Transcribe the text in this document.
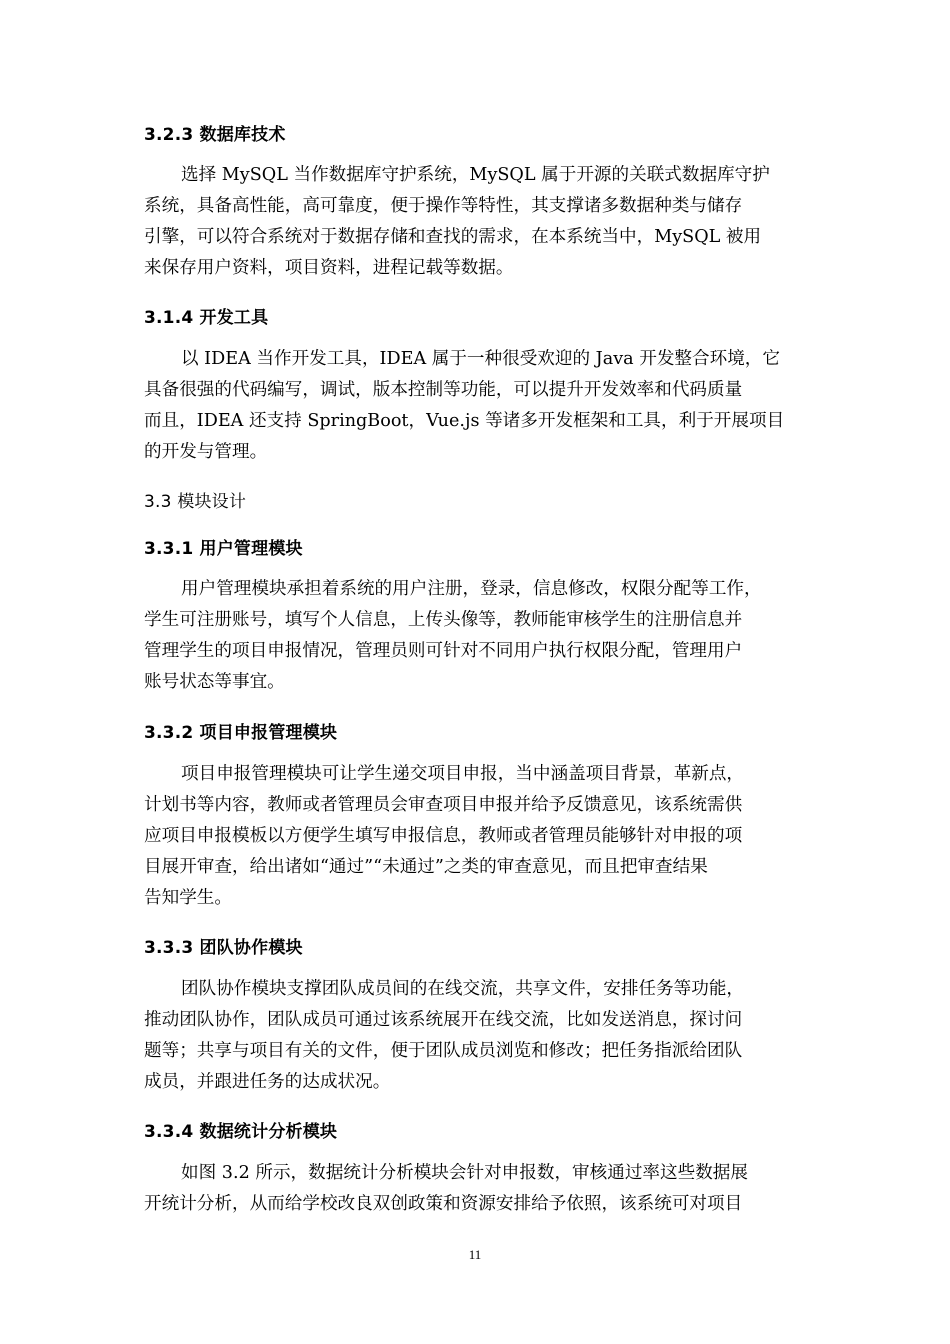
3.2.3 数据库技术
选择 MySQL 当作数据库守护系统，MySQL 属于开源的关联式数据库守护
系统，具备高性能，高可靠度，便于操作等特性，其支撑诸多数据种类与储存
引擎，可以符合系统对于数据存储和查找的需求，在本系统当中，MySQL 被用
来保存用户资料，项目资料，进程记载等数据。
3.1.4 开发工具
以 IDEA 当作开发工具，IDEA 属于一种很受欢迎的 Java 开发整合环境，它
具备很强的代码编写，调试，版本控制等功能，可以提升开发效率和代码质量
而且，IDEA 还支持 SpringBoot，Vue.js 等诸多开发框架和工具，利于开展项目
的开发与管理。
3.3 模块设计
3.3.1 用户管理模块
用户管理模块承担着系统的用户注册，登录，信息修改，权限分配等工作，
学生可注册账号，填写个人信息，上传头像等，教师能审核学生的注册信息并
管理学生的项目申报情况，管理员则可针对不同用户执行权限分配，管理用户
账号状态等事宜。
3.3.2 项目申报管理模块
项目申报管理模块可让学生递交项目申报，当中涵盖项目背景，革新点，
计划书等内容，教师或者管理员会审查项目申报并给予反馈意见，该系统需供
应项目申报模板以方便学生填写申报信息，教师或者管理员能够针对申报的项
目展开审查，给出诸如“通过”“未通过”之类的审查意见，而且把审查结果
告知学生。
3.3.3 团队协作模块
团队协作模块支撑团队成员间的在线交流，共享文件，安排任务等功能，
推动团队协作，团队成员可通过该系统展开在线交流，比如发送消息，探讨问
题等；共享与项目有关的文件，便于团队成员浏览和修改；把任务指派给团队
成员，并跟进任务的达成状况。
3.3.4 数据统计分析模块
如图 3.2 所示，数据统计分析模块会针对申报数，审核通过率这些数据展
开统计分析，从而给学校改良双创政策和资源安排给予依照，该系统可对项目
11
